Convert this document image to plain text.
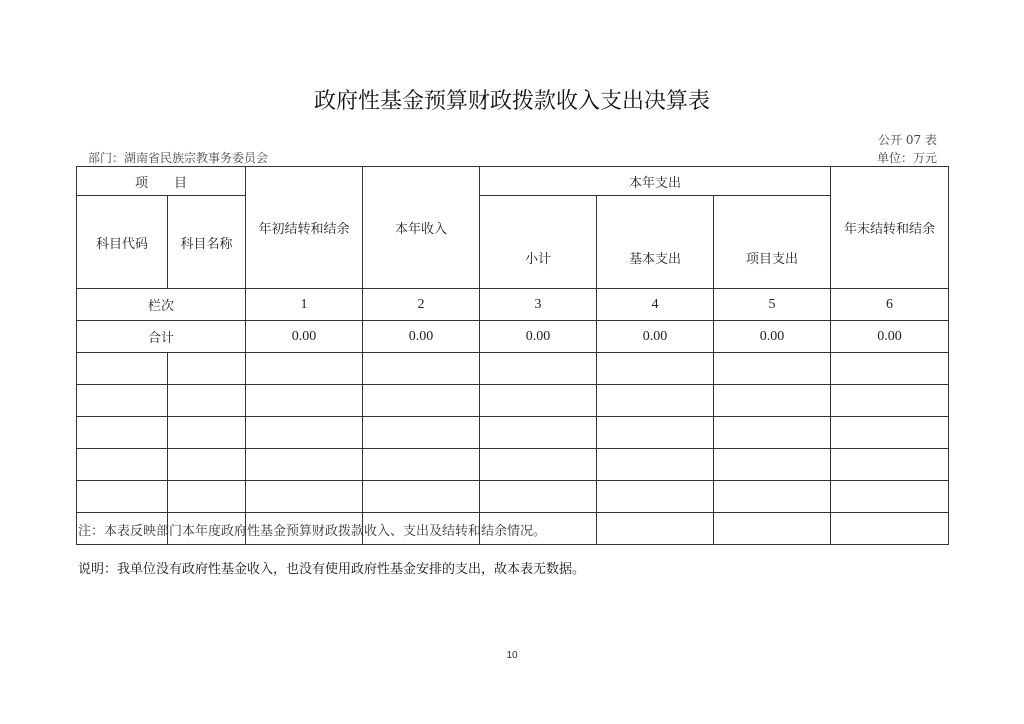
政府性基金预算财政拨款收入支出决算表
公开 07 表
部门：湖南省民族宗教事务委员会	单位：万元
项　　目		年初结转和结余	本年收入	本年支出			年末结转和结余
科目代码	科目名称			小计	基本支出	项目支出	
栏次		1	2	3	4	5	6
合计		0.00	0.00	0.00	0.00	0.00	0.00

注：本表反映部门本年度政府性基金预算财政拨款收入、支出及结转和结余情况。
说明：我单位没有政府性基金收入，也没有使用政府性基金安排的支出，故本表无数据。
10
